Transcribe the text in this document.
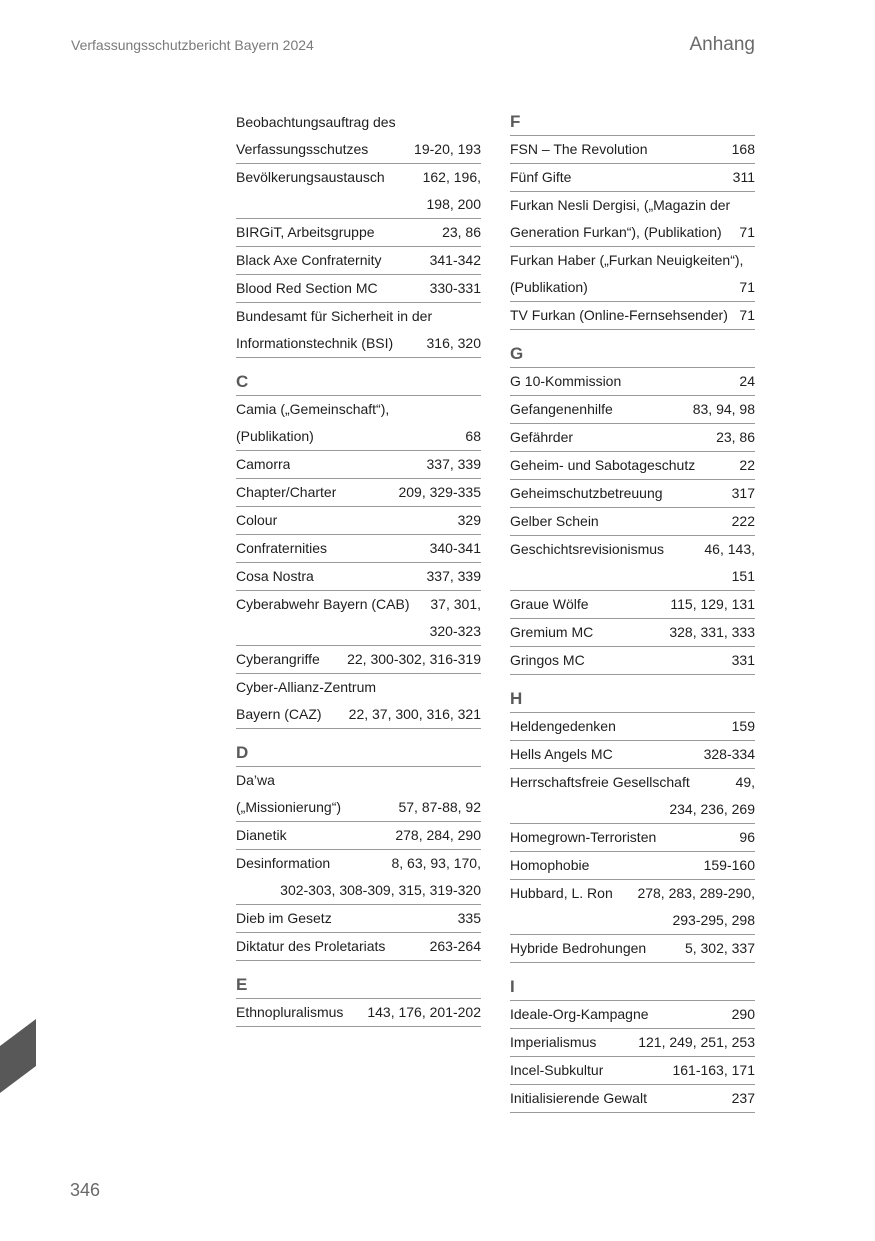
Verfassungsschutzbericht Bayern 2024	Anhang
Beobachtungsauftrag des
Verfassungsschutzes	19-20, 193
Bevölkerungsaustausch	162, 196,
198, 200
BIRGiT, Arbeitsgruppe	23, 86
Black Axe Confraternity	341-342
Blood Red Section MC	330-331
Bundesamt für Sicherheit in der
Informationstechnik (BSI) 316, 320
C
Camia („Gemeinschaft“),
(Publikation)	68
Camorra	337, 339
Chapter/Charter	209, 329-335
Colour	329
Confraternities	340-341
Cosa Nostra	337, 339
Cyberabwehr Bayern (CAB) 37, 301,
320-323
Cyberangriffe 22, 300-302, 316-319
Cyber-Allianz-Zentrum
Bayern (CAZ) 22, 37, 300, 316, 321
D
Da’wa
(„Missionierung“)	57, 87-88, 92
Dianetik	278, 284, 290
Desinformation	8, 63, 93, 170,
302-303, 308-309, 315, 319-320
Dieb im Gesetz	335
Diktatur des Proletariats	263-264
E
Ethnopluralismus 143, 176, 201-202
F
FSN – The Revolution	168
Fünf Gifte	311
Furkan Nesli Dergisi, („Magazin der
Generation Furkan“), (Publikation) 71
Furkan Haber („Furkan Neuigkeiten“),
(Publikation)	71
TV Furkan (Online-Fernsehsender) 71
G
G 10-Kommission	24
Gefangenenhilfe	83, 94, 98
Gefährder	23, 86
Geheim- und Sabotageschutz	22
Geheimschutzbetreuung	317
Gelber Schein	222
Geschichtsrevisionismus	46, 143,
151
Graue Wölfe	115, 129, 131
Gremium MC	328, 331, 333
Gringos MC	331
H
Heldengedenken	159
Hells Angels MC	328-334
Herrschaftsfreie Gesellschaft	49,
234, 236, 269
Homegrown-Terroristen	96
Homophobie	159-160
Hubbard, L. Ron 278, 283, 289-290,
293-295, 298
Hybride Bedrohungen	5, 302, 337
I
Ideale-Org-Kampagne	290
Imperialismus	121, 249, 251, 253
Incel-Subkultur	161-163, 171
Initialisierende Gewalt	237
346
